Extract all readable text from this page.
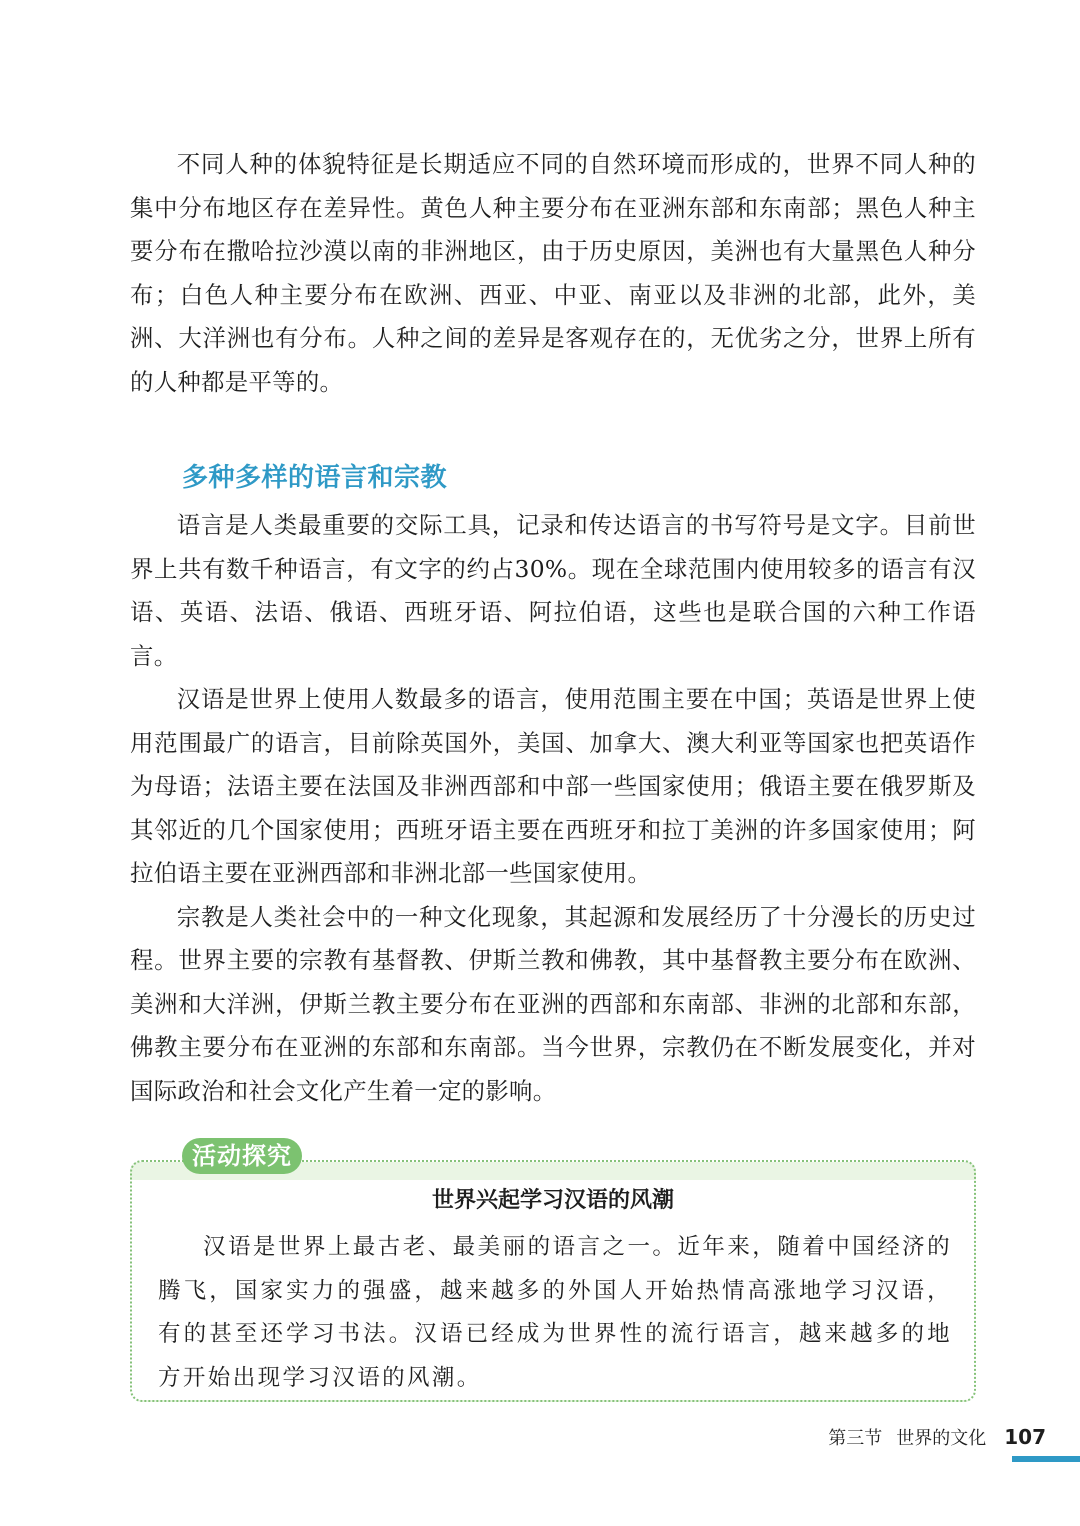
不同人种的体貌特征是长期适应不同的自然环境而形成的，世界不同人种的集中分布地区存在差异性。黄色人种主要分布在亚洲东部和东南部；黑色人种主要分布在撒哈拉沙漠以南的非洲地区，由于历史原因，美洲也有大量黑色人种分布；白色人种主要分布在欧洲、西亚、中亚、南亚以及非洲的北部，此外，美洲、大洋洲也有分布。人种之间的差异是客观存在的，无优劣之分，世界上所有的人种都是平等的。

多种多样的语言和宗教

语言是人类最重要的交际工具，记录和传达语言的书写符号是文字。目前世界上共有数千种语言，有文字的约占30%。现在全球范围内使用较多的语言有汉语、英语、法语、俄语、西班牙语、阿拉伯语，这些也是联合国的六种工作语言。

汉语是世界上使用人数最多的语言，使用范围主要在中国；英语是世界上使用范围最广的语言，目前除英国外，美国、加拿大、澳大利亚等国家也把英语作为母语；法语主要在法国及非洲西部和中部一些国家使用；俄语主要在俄罗斯及其邻近的几个国家使用；西班牙语主要在西班牙和拉丁美洲的许多国家使用；阿拉伯语主要在亚洲西部和非洲北部一些国家使用。

宗教是人类社会中的一种文化现象，其起源和发展经历了十分漫长的历史过程。世界主要的宗教有基督教、伊斯兰教和佛教，其中基督教主要分布在欧洲、美洲和大洋洲，伊斯兰教主要分布在亚洲的西部和东南部、非洲的北部和东部，佛教主要分布在亚洲的东部和东南部。当今世界，宗教仍在不断发展变化，并对国际政治和社会文化产生着一定的影响。

活动探究
世界兴起学习汉语的风潮

汉语是世界上最古老、最美丽的语言之一。近年来，随着中国经济的腾飞，国家实力的强盛，越来越多的外国人开始热情高涨地学习汉语，有的甚至还学习书法。汉语已经成为世界性的流行语言，越来越多的地方开始出现学习汉语的风潮。

第三节 世界的文化 107
